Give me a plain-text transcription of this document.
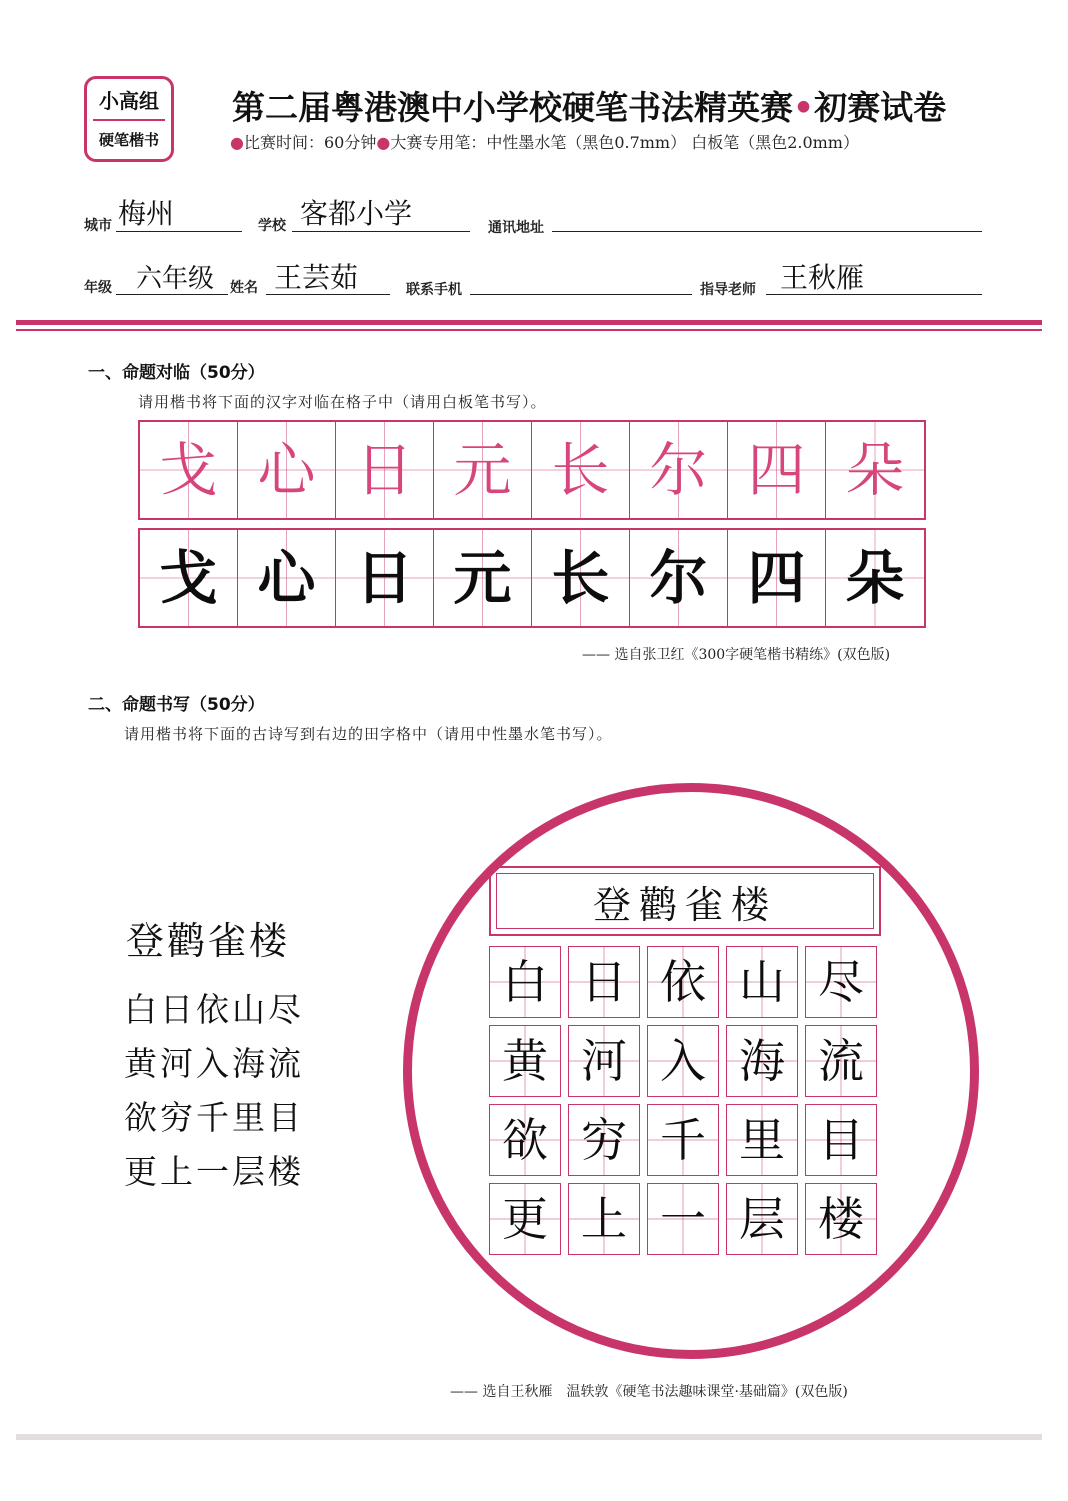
小高组
硬笔楷书
第二届粤港澳中小学校硬笔书法精英赛•初赛试卷
●比赛时间：60分钟●大赛专用笔：中性墨水笔（黑色0.7mm） 白板笔（黑色2.0mm）
城市 梅州	学校 客都小学	通讯地址
年级 六年级 姓名 王芸茹	联系手机	指导老师 王秋雁
一、命题对临（50分）
请用楷书将下面的汉字对临在格子中（请用白板笔书写）。
戈 心 日 元 长 尔 四 朵
戈 心 日 元 长 尔 四 朵
—— 选自张卫红《300字硬笔楷书精练》(双色版)
二、命题书写（50分）
请用楷书将下面的古诗写到右边的田字格中（请用中性墨水笔书写）。
登鹳雀楼
白日依山尽
黄河入海流
欲穷千里目
更上一层楼
登鹳雀楼
白 日 依 山 尽
黄 河 入 海 流
欲 穷 千 里 目
更 上 一 层 楼
—— 选自王秋雁　温轶敦《硬笔书法趣味课堂·基础篇》(双色版)
